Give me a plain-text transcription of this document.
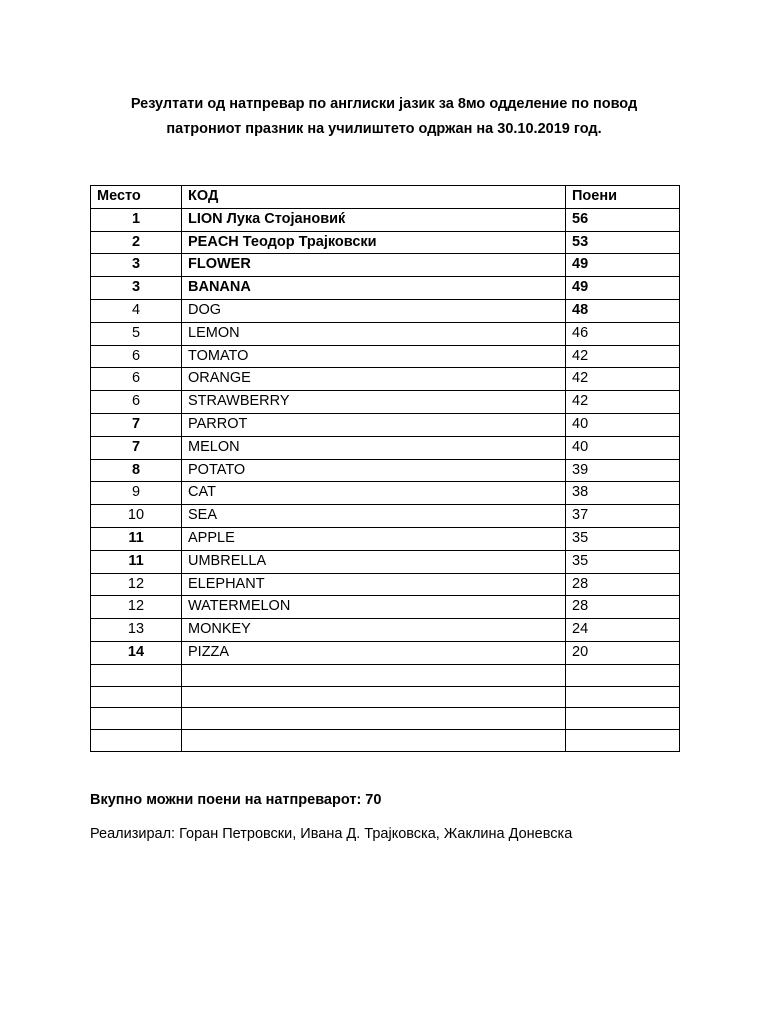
Резултати од натпревар по англиски јазик за 8мо одделение по повод
патрониот празник на училиштето одржан на 30.10.2019 год.
Место	КОД	Поени
1	LION Лука Стојановиќ	56
2	PEACH Теодор Трајковски	53
3	FLOWER	49
3	BANANA	49
4	DOG	48
5	LEMON	46
6	TOMATO	42
6	ORANGE	42
6	STRAWBERRY	42
7	PARROT	40
7	MELON	40
8	POTATO	39
9	CAT	38
10	SEA	37
11	APPLE	35
11	UMBRELLA	35
12	ELEPHANT	28
12	WATERMELON	28
13	MONKEY	24
14	PIZZA	20

Вкупно можни поени на натпреварот: 70
Реализирал: Горан Петровски, Ивана Д. Трајковска, Жаклина Доневска
